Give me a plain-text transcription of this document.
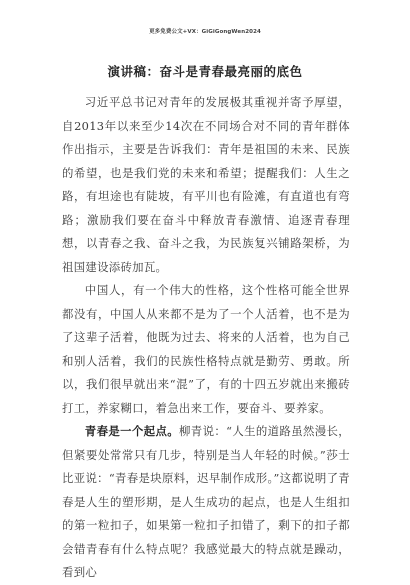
更多免费公文+VX：GiGiGongWen2024
演讲稿：奋斗是青春最亮丽的底色

习近平总书记对青年的发展极其重视并寄予厚望，自2013年以来至少14次在不同场合对不同的青年群体作出指示，主要是告诉我们：青年是祖国的未来、民族的希望，也是我们党的未来和希望；提醒我们：人生之路，有坦途也有陡坡，有平川也有险滩，有直道也有弯路；激励我们要在奋斗中释放青春激情、追逐青春理想，以青春之我、奋斗之我，为民族复兴铺路架桥，为祖国建设添砖加瓦。

中国人，有一个伟大的性格，这个性格可能全世界都没有，中国人从来都不是为了一个人活着，也不是为了这辈子活着，他既为过去、将来的人活着，也为自己和别人活着，我们的民族性格特点就是勤劳、勇敢。所以，我们很早就出来“混”了，有的十四五岁就出来搬砖打工，养家糊口，着急出来工作，要奋斗、要养家。

青春是一个起点。柳青说：“人生的道路虽然漫长，但紧要处常常只有几步，特别是当人年轻的时候。”莎士比亚说：“青春是块原料，迟早制作成形。”这都说明了青春是人生的塑形期，是人生成功的起点，也是人生组扣的第一粒扣子，如果第一粒扣子扣错了，剩下的扣子都会错青春有什么特点呢？我感觉最大的特点就是躁动，看到心
